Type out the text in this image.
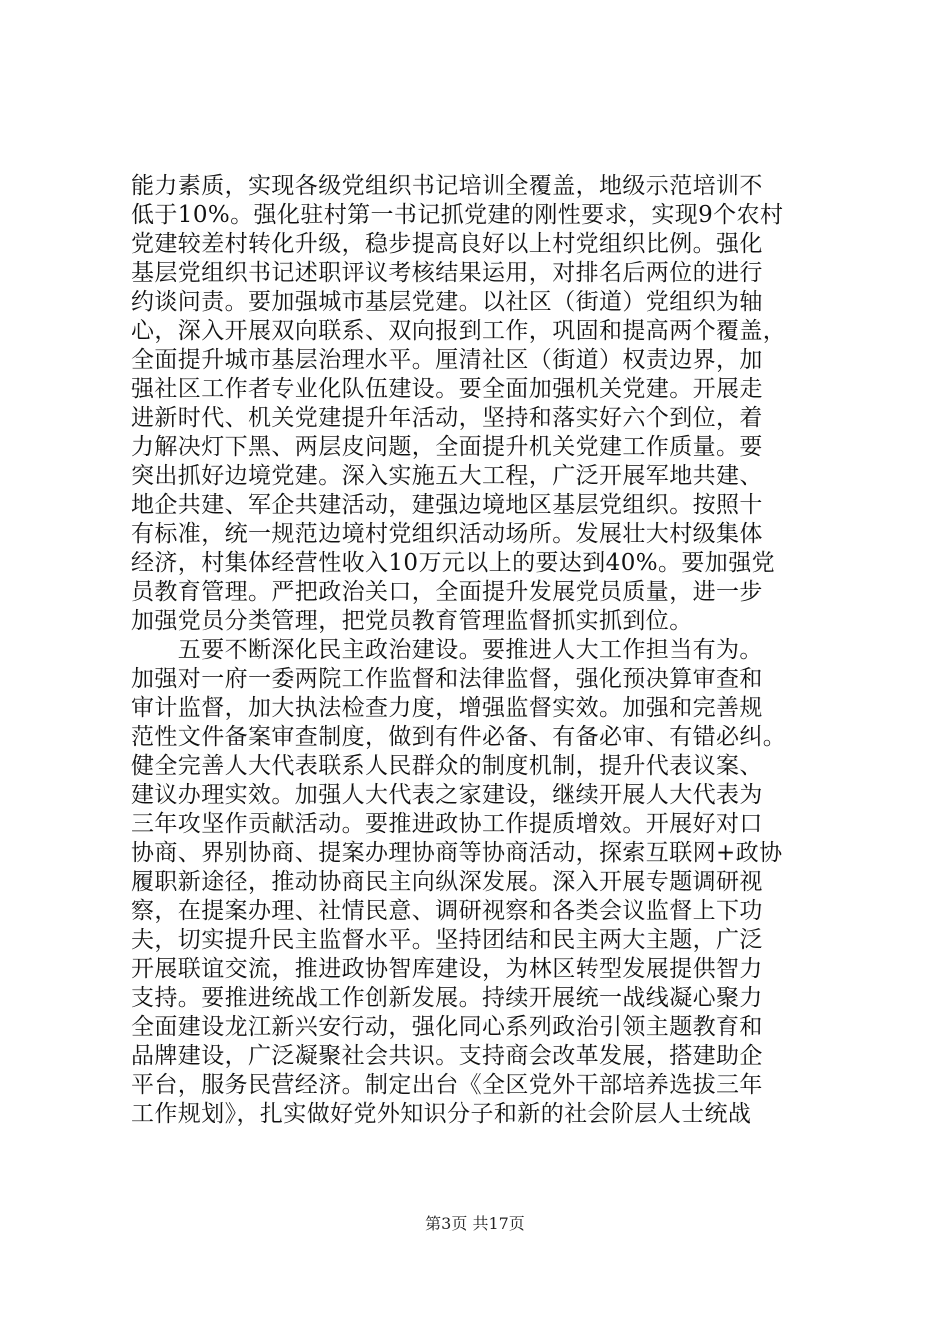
能力素质，实现各级党组织书记培训全覆盖，地级示范培训不
低于10%。强化驻村第一书记抓党建的刚性要求，实现9个农村
党建较差村转化升级，稳步提高良好以上村党组织比例。强化
基层党组织书记述职评议考核结果运用，对排名后两位的进行
约谈问责。要加强城市基层党建。以社区（街道）党组织为轴
心，深入开展双向联系、双向报到工作，巩固和提高两个覆盖，
全面提升城市基层治理水平。厘清社区（街道）权责边界，加
强社区工作者专业化队伍建设。要全面加强机关党建。开展走
进新时代、机关党建提升年活动，坚持和落实好六个到位，着
力解决灯下黑、两层皮问题，全面提升机关党建工作质量。要
突出抓好边境党建。深入实施五大工程，广泛开展军地共建、
地企共建、军企共建活动，建强边境地区基层党组织。按照十
有标准，统一规范边境村党组织活动场所。发展壮大村级集体
经济，村集体经营性收入10万元以上的要达到40%。要加强党
员教育管理。严把政治关口，全面提升发展党员质量，进一步
加强党员分类管理，把党员教育管理监督抓实抓到位。
　　五要不断深化民主政治建设。要推进人大工作担当有为。
加强对一府一委两院工作监督和法律监督，强化预决算审查和
审计监督，加大执法检查力度，增强监督实效。加强和完善规
范性文件备案审查制度，做到有件必备、有备必审、有错必纠。
健全完善人大代表联系人民群众的制度机制，提升代表议案、
建议办理实效。加强人大代表之家建设，继续开展人大代表为
三年攻坚作贡献活动。要推进政协工作提质增效。开展好对口
协商、界别协商、提案办理协商等协商活动，探索互联网+政协
履职新途径，推动协商民主向纵深发展。深入开展专题调研视
察，在提案办理、社情民意、调研视察和各类会议监督上下功
夫，切实提升民主监督水平。坚持团结和民主两大主题，广泛
开展联谊交流，推进政协智库建设，为林区转型发展提供智力
支持。要推进统战工作创新发展。持续开展统一战线凝心聚力
全面建设龙江新兴安行动，强化同心系列政治引领主题教育和
品牌建设，广泛凝聚社会共识。支持商会改革发展，搭建助企
平台，服务民营经济。制定出台《全区党外干部培养选拔三年
工作规划》，扎实做好党外知识分子和新的社会阶层人士统战
第3页 共17页
